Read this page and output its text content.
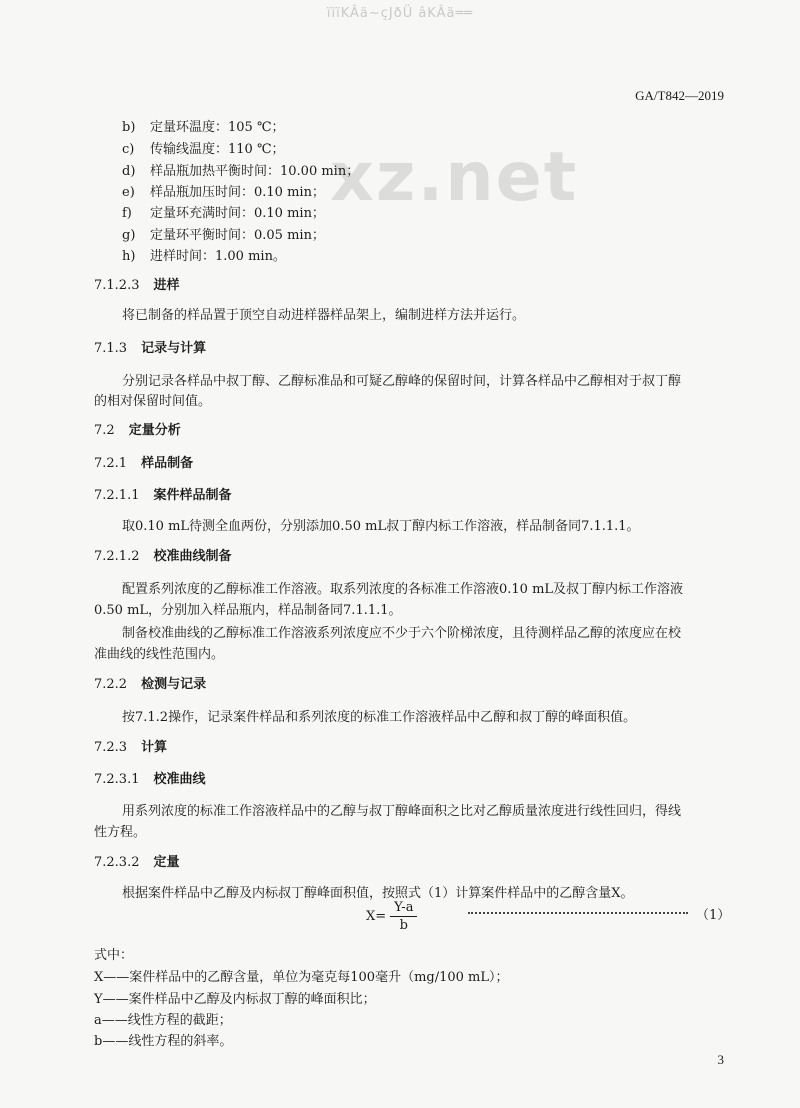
ïïïKÂä~çJðÜ âKÂä══
xz.net
GA/T842—2019
b) 定量环温度：105 ℃；
c) 传输线温度：110 ℃；
d) 样品瓶加热平衡时间：10.00 min；
e) 样品瓶加压时间：0.10 min；
f) 定量环充满时间：0.10 min；
g) 定量环平衡时间：0.05 min；
h) 进样时间：1.00 min。
7.1.2.3 进样
将已制备的样品置于顶空自动进样器样品架上，编制进样方法并运行。
7.1.3 记录与计算
分别记录各样品中叔丁醇、乙醇标准品和可疑乙醇峰的保留时间，计算各样品中乙醇相对于叔丁醇
的相对保留时间值。
7.2 定量分析
7.2.1 样品制备
7.2.1.1 案件样品制备
取0.10 mL待测全血两份，分别添加0.50 mL叔丁醇内标工作溶液，样品制备同7.1.1.1。
7.2.1.2 校准曲线制备
配置系列浓度的乙醇标准工作溶液。取系列浓度的各标准工作溶液0.10 mL及叔丁醇内标工作溶液
0.50 mL，分别加入样品瓶内，样品制备同7.1.1.1。
制备校准曲线的乙醇标准工作溶液系列浓度应不少于六个阶梯浓度，且待测样品乙醇的浓度应在校
准曲线的线性范围内。
7.2.2 检测与记录
按7.1.2操作，记录案件样品和系列浓度的标准工作溶液样品中乙醇和叔丁醇的峰面积值。
7.2.3 计算
7.2.3.1 校准曲线
用系列浓度的标准工作溶液样品中的乙醇与叔丁醇峰面积之比对乙醇质量浓度进行线性回归，得线
性方程。
7.2.3.2 定量
根据案件样品中乙醇及内标叔丁醇峰面积值，按照式（1）计算案件样品中的乙醇含量X。
$X= \frac{Y-a}{b}$	（1）
式中：
X——案件样品中的乙醇含量，单位为毫克每100毫升（mg/100 mL）；
Y——案件样品中乙醇及内标叔丁醇的峰面积比；
a——线性方程的截距；
b——线性方程的斜率。
3
